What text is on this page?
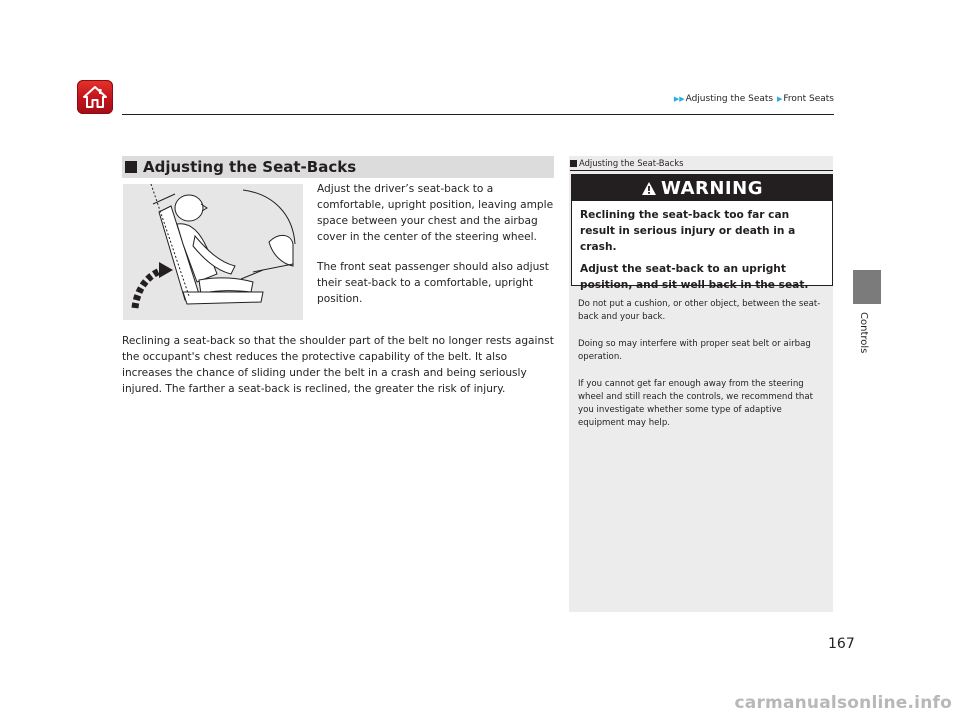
▶▶Adjusting the Seats ▶Front Seats
Controls
Adjusting the Seat-Backs

Adjust the driver’s seat-back to a comfortable, upright position, leaving ample space between your chest and the airbag cover in the center of the steering wheel.

The front seat passenger should also adjust their seat-back to a comfortable, upright position.

Reclining a seat-back so that the shoulder part of the belt no longer rests against the occupant's chest reduces the protective capability of the belt. It also increases the chance of sliding under the belt in a crash and being seriously injured. The farther a seat-back is reclined, the greater the risk of injury.

Adjusting the Seat-Backs
WARNING

Reclining the seat-back too far can result in serious injury or death in a crash.

Adjust the seat-back to an upright position, and sit well back in the seat.

Do not put a cushion, or other object, between the seat-back and your back.

Doing so may interfere with proper seat belt or airbag operation.

If you cannot get far enough away from the steering wheel and still reach the controls, we recommend that you investigate whether some type of adaptive equipment may help.

167
carmanualsonline.info
